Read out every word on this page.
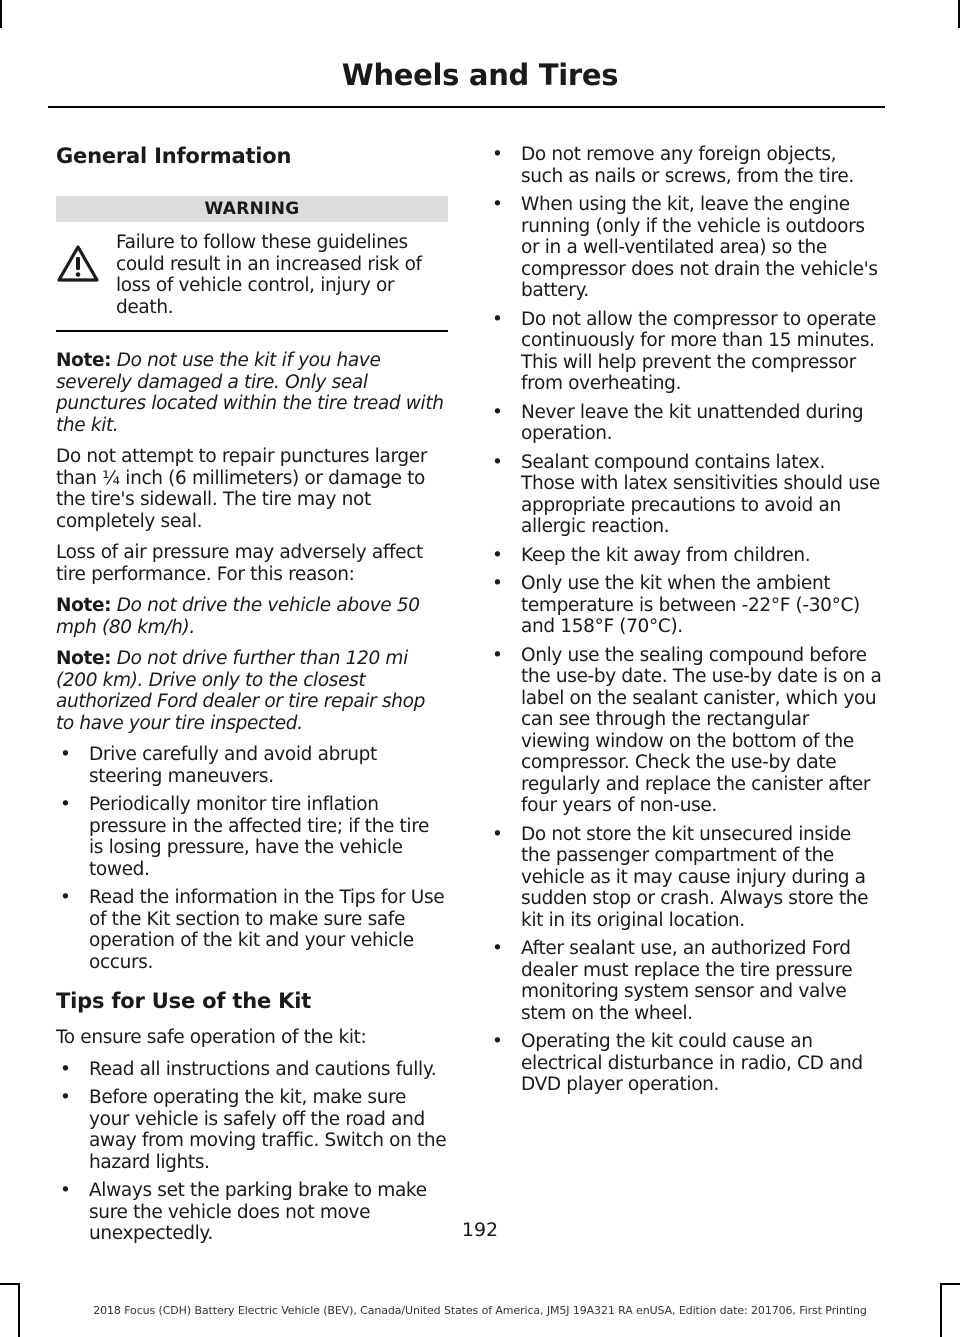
Wheels and Tires
General Information
WARNING
Failure to follow these guidelines could result in an increased risk of loss of vehicle control, injury or death.

Note: Do not use the kit if you have severely damaged a tire. Only seal punctures located within the tire tread with the kit.

Do not attempt to repair punctures larger than ¼ inch (6 millimeters) or damage to the tire's sidewall. The tire may not completely seal.

Loss of air pressure may adversely affect tire performance. For this reason:

Note: Do not drive the vehicle above 50 mph (80 km/h).

Note: Do not drive further than 120 mi (200 km). Drive only to the closest authorized Ford dealer or tire repair shop to have your tire inspected.

• Drive carefully and avoid abrupt steering maneuvers.
• Periodically monitor tire inflation pressure in the affected tire; if the tire is losing pressure, have the vehicle towed.
• Read the information in the Tips for Use of the Kit section to make sure safe operation of the kit and your vehicle occurs.
Tips for Use of the Kit

To ensure safe operation of the kit:

• Read all instructions and cautions fully.
• Before operating the kit, make sure your vehicle is safely off the road and away from moving traffic. Switch on the hazard lights.
• Always set the parking brake to make sure the vehicle does not move unexpectedly.
• Do not remove any foreign objects, such as nails or screws, from the tire.
• When using the kit, leave the engine running (only if the vehicle is outdoors or in a well-ventilated area) so the compressor does not drain the vehicle's battery.
• Do not allow the compressor to operate continuously for more than 15 minutes. This will help prevent the compressor from overheating.
• Never leave the kit unattended during operation.
• Sealant compound contains latex. Those with latex sensitivities should use appropriate precautions to avoid an allergic reaction.
• Keep the kit away from children.
• Only use the kit when the ambient temperature is between -22°F (-30°C) and 158°F (70°C).
• Only use the sealing compound before the use-by date. The use-by date is on a label on the sealant canister, which you can see through the rectangular viewing window on the bottom of the compressor. Check the use-by date regularly and replace the canister after four years of non-use.
• Do not store the kit unsecured inside the passenger compartment of the vehicle as it may cause injury during a sudden stop or crash. Always store the kit in its original location.
• After sealant use, an authorized Ford dealer must replace the tire pressure monitoring system sensor and valve stem on the wheel.
• Operating the kit could cause an electrical disturbance in radio, CD and DVD player operation.
192
2018 Focus (CDH) Battery Electric Vehicle (BEV), Canada/United States of America, JM5J 19A321 RA enUSA, Edition date: 201706, First Printing
